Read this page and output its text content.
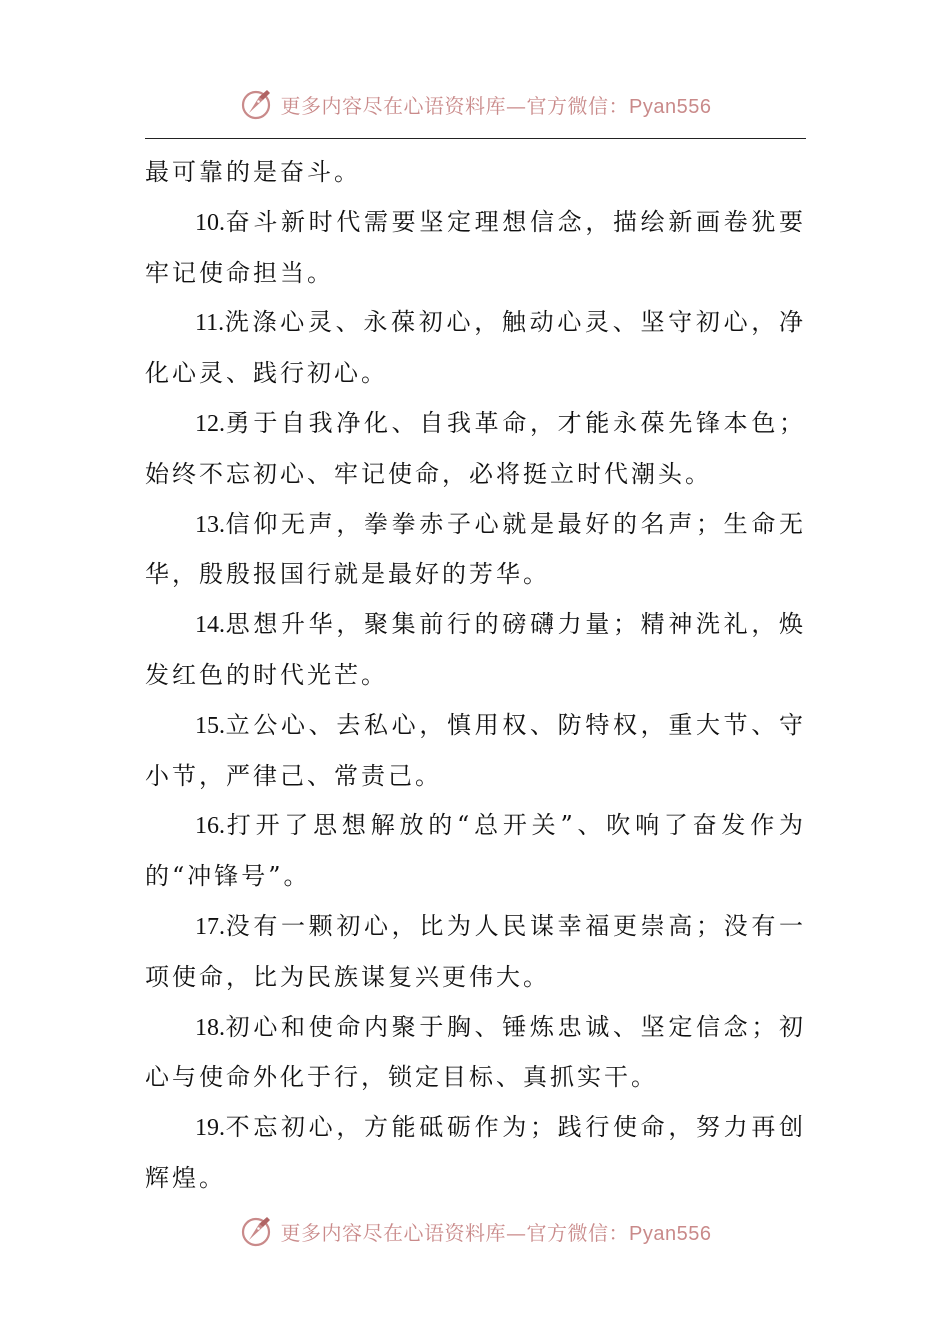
更多内容尽在心语资料库—官方微信：Pyan556

最可靠的是奋斗。

10.奋斗新时代需要坚定理想信念，描绘新画卷犹要牢记使命担当。

11.洗涤心灵、永葆初心，触动心灵、坚守初心，净化心灵、践行初心。

12.勇于自我净化、自我革命，才能永葆先锋本色；始终不忘初心、牢记使命，必将挺立时代潮头。

13.信仰无声，拳拳赤子心就是最好的名声；生命无华，殷殷报国行就是最好的芳华。

14.思想升华，聚集前行的磅礴力量；精神洗礼，焕发红色的时代光芒。

15.立公心、去私心，慎用权、防特权，重大节、守小节，严律己、常责己。

16.打开了思想解放的“总开关”、吹响了奋发作为的“冲锋号”。

17.没有一颗初心，比为人民谋幸福更崇高；没有一项使命，比为民族谋复兴更伟大。

18.初心和使命内聚于胸、锤炼忠诚、坚定信念；初心与使命外化于行，锁定目标、真抓实干。

19.不忘初心，方能砥砺作为；践行使命，努力再创辉煌。

更多内容尽在心语资料库—官方微信：Pyan556
